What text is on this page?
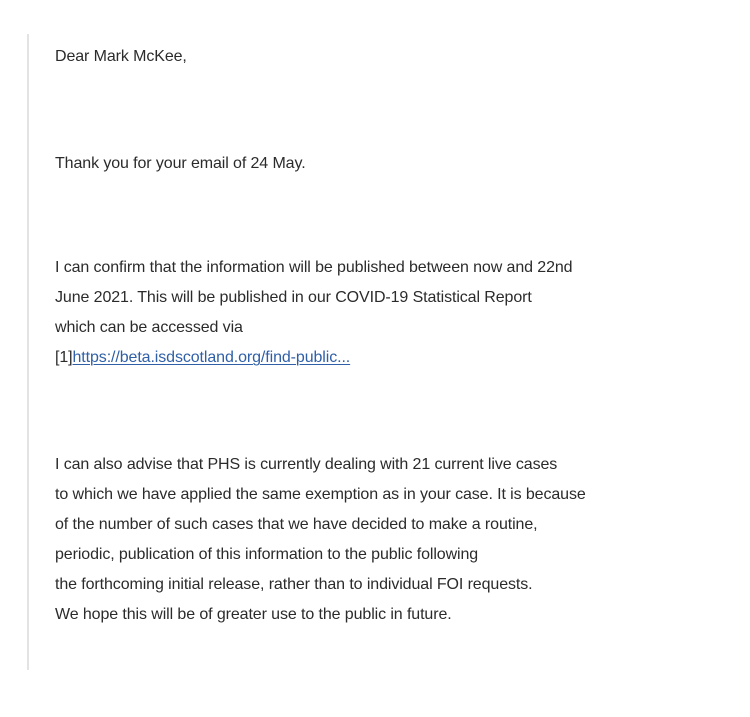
Dear Mark McKee,
Thank you for your email of 24 May.
I can confirm that the information will be published between now and 22nd
June 2021. This will be published in our COVID-19 Statistical Report
which can be accessed via
[1]https://beta.isdscotland.org/find-public...
I can also advise that PHS is currently dealing with 21 current live cases
to which we have applied the same exemption as in your case. It is because
of the number of such cases that we have decided to make a routine,
periodic, publication of this information to the public following
the forthcoming initial release, rather than to individual FOI requests.
We hope this will be of greater use to the public in future.
